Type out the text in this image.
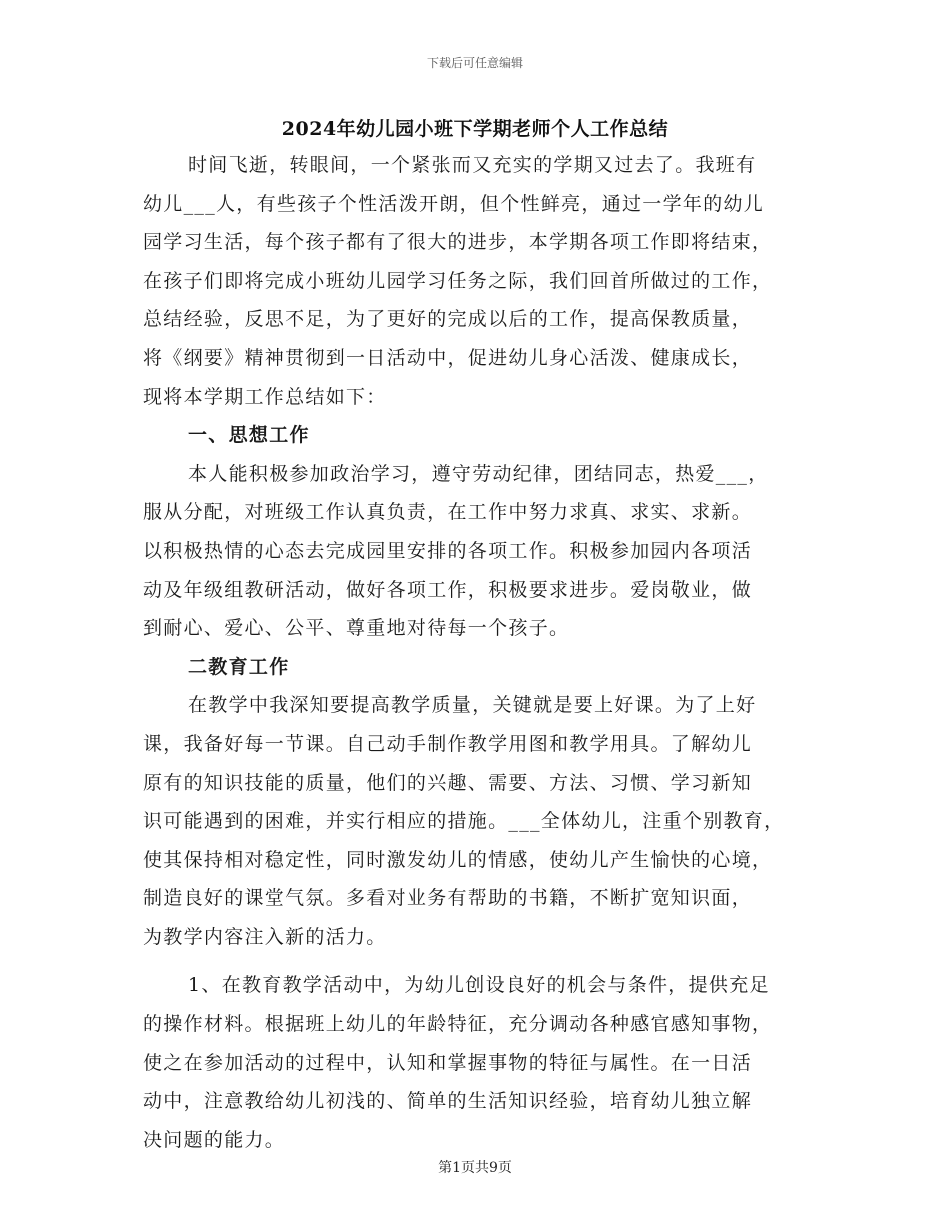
下载后可任意编辑
2024年幼儿园小班下学期老师个人工作总结
时间飞逝，转眼间，一个紧张而又充实的学期又过去了。我班有
幼儿___人，有些孩子个性活泼开朗，但个性鲜亮，通过一学年的幼儿
园学习生活，每个孩子都有了很大的进步，本学期各项工作即将结束，
在孩子们即将完成小班幼儿园学习任务之际，我们回首所做过的工作，
总结经验，反思不足，为了更好的完成以后的工作，提高保教质量，
将《纲要》精神贯彻到一日活动中，促进幼儿身心活泼、健康成长，
现将本学期工作总结如下：
一、思想工作
本人能积极参加政治学习，遵守劳动纪律，团结同志，热爱___，
服从分配，对班级工作认真负责，在工作中努力求真、求实、求新。
以积极热情的心态去完成园里安排的各项工作。积极参加园内各项活
动及年级组教研活动，做好各项工作，积极要求进步。爱岗敬业，做
到耐心、爱心、公平、尊重地对待每一个孩子。
二教育工作
在教学中我深知要提高教学质量，关键就是要上好课。为了上好
课，我备好每一节课。自己动手制作教学用图和教学用具。了解幼儿
原有的知识技能的质量，他们的兴趣、需要、方法、习惯、学习新知
识可能遇到的困难，并实行相应的措施。___全体幼儿，注重个别教育，
使其保持相对稳定性，同时激发幼儿的情感，使幼儿产生愉快的心境，
制造良好的课堂气氛。多看对业务有帮助的书籍，不断扩宽知识面，
为教学内容注入新的活力。
1、在教育教学活动中，为幼儿创设良好的机会与条件，提供充足
的操作材料。根据班上幼儿的年龄特征，充分调动各种感官感知事物，
使之在参加活动的过程中，认知和掌握事物的特征与属性。在一日活
动中，注意教给幼儿初浅的、简单的生活知识经验，培育幼儿独立解
决问题的能力。
第1页共9页
